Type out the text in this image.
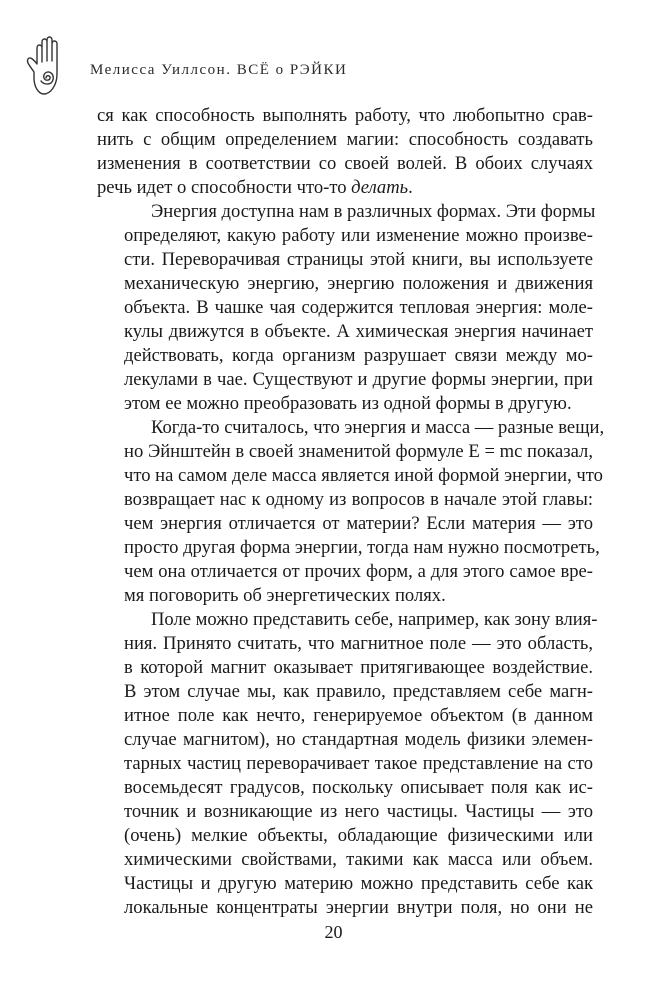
Мелисса Уиллсон. ВСЁ о РЭЙКИ
ся как способность выполнять работу, что любопытно срав-
нить с общим определением магии: способность создавать
изменения в соответствии со своей волей. В обоих случаях
речь идет о способности что-то делать.
Энергия доступна нам в различных формах. Эти формы
определяют, какую работу или изменение можно произве-
сти. Переворачивая страницы этой книги, вы используете
механическую энергию, энергию положения и движения
объекта. В чашке чая содержится тепловая энергия: моле-
кулы движутся в объекте. А химическая энергия начинает
действовать, когда организм разрушает связи между мо-
лекулами в чае. Существуют и другие формы энергии, при
этом ее можно преобразовать из одной формы в другую.
Когда-то считалось, что энергия и масса — разные вещи,
но Эйнштейн в своей знаменитой формуле E = mc показал,
что на самом деле масса является иной формой энергии, что
возвращает нас к одному из вопросов в начале этой главы:
чем энергия отличается от материи? Если материя — это
просто другая форма энергии, тогда нам нужно посмотреть,
чем она отличается от прочих форм, а для этого самое вре-
мя поговорить об энергетических полях.
Поле можно представить себе, например, как зону влия-
ния. Принято считать, что магнитное поле — это область,
в которой магнит оказывает притягивающее воздействие.
В этом случае мы, как правило, представляем себе магн-
итное поле как нечто, генерируемое объектом (в данном
случае магнитом), но стандартная модель физики элемен-
тарных частиц переворачивает такое представление на сто
восемьдесят градусов, поскольку описывает поля как ис-
точник и возникающие из него частицы. Частицы — это
(очень) мелкие объекты, обладающие физическими или
химическими свойствами, такими как масса или объем.
Частицы и другую материю можно представить себе как
локальные концентраты энергии внутри поля, но они не
20
